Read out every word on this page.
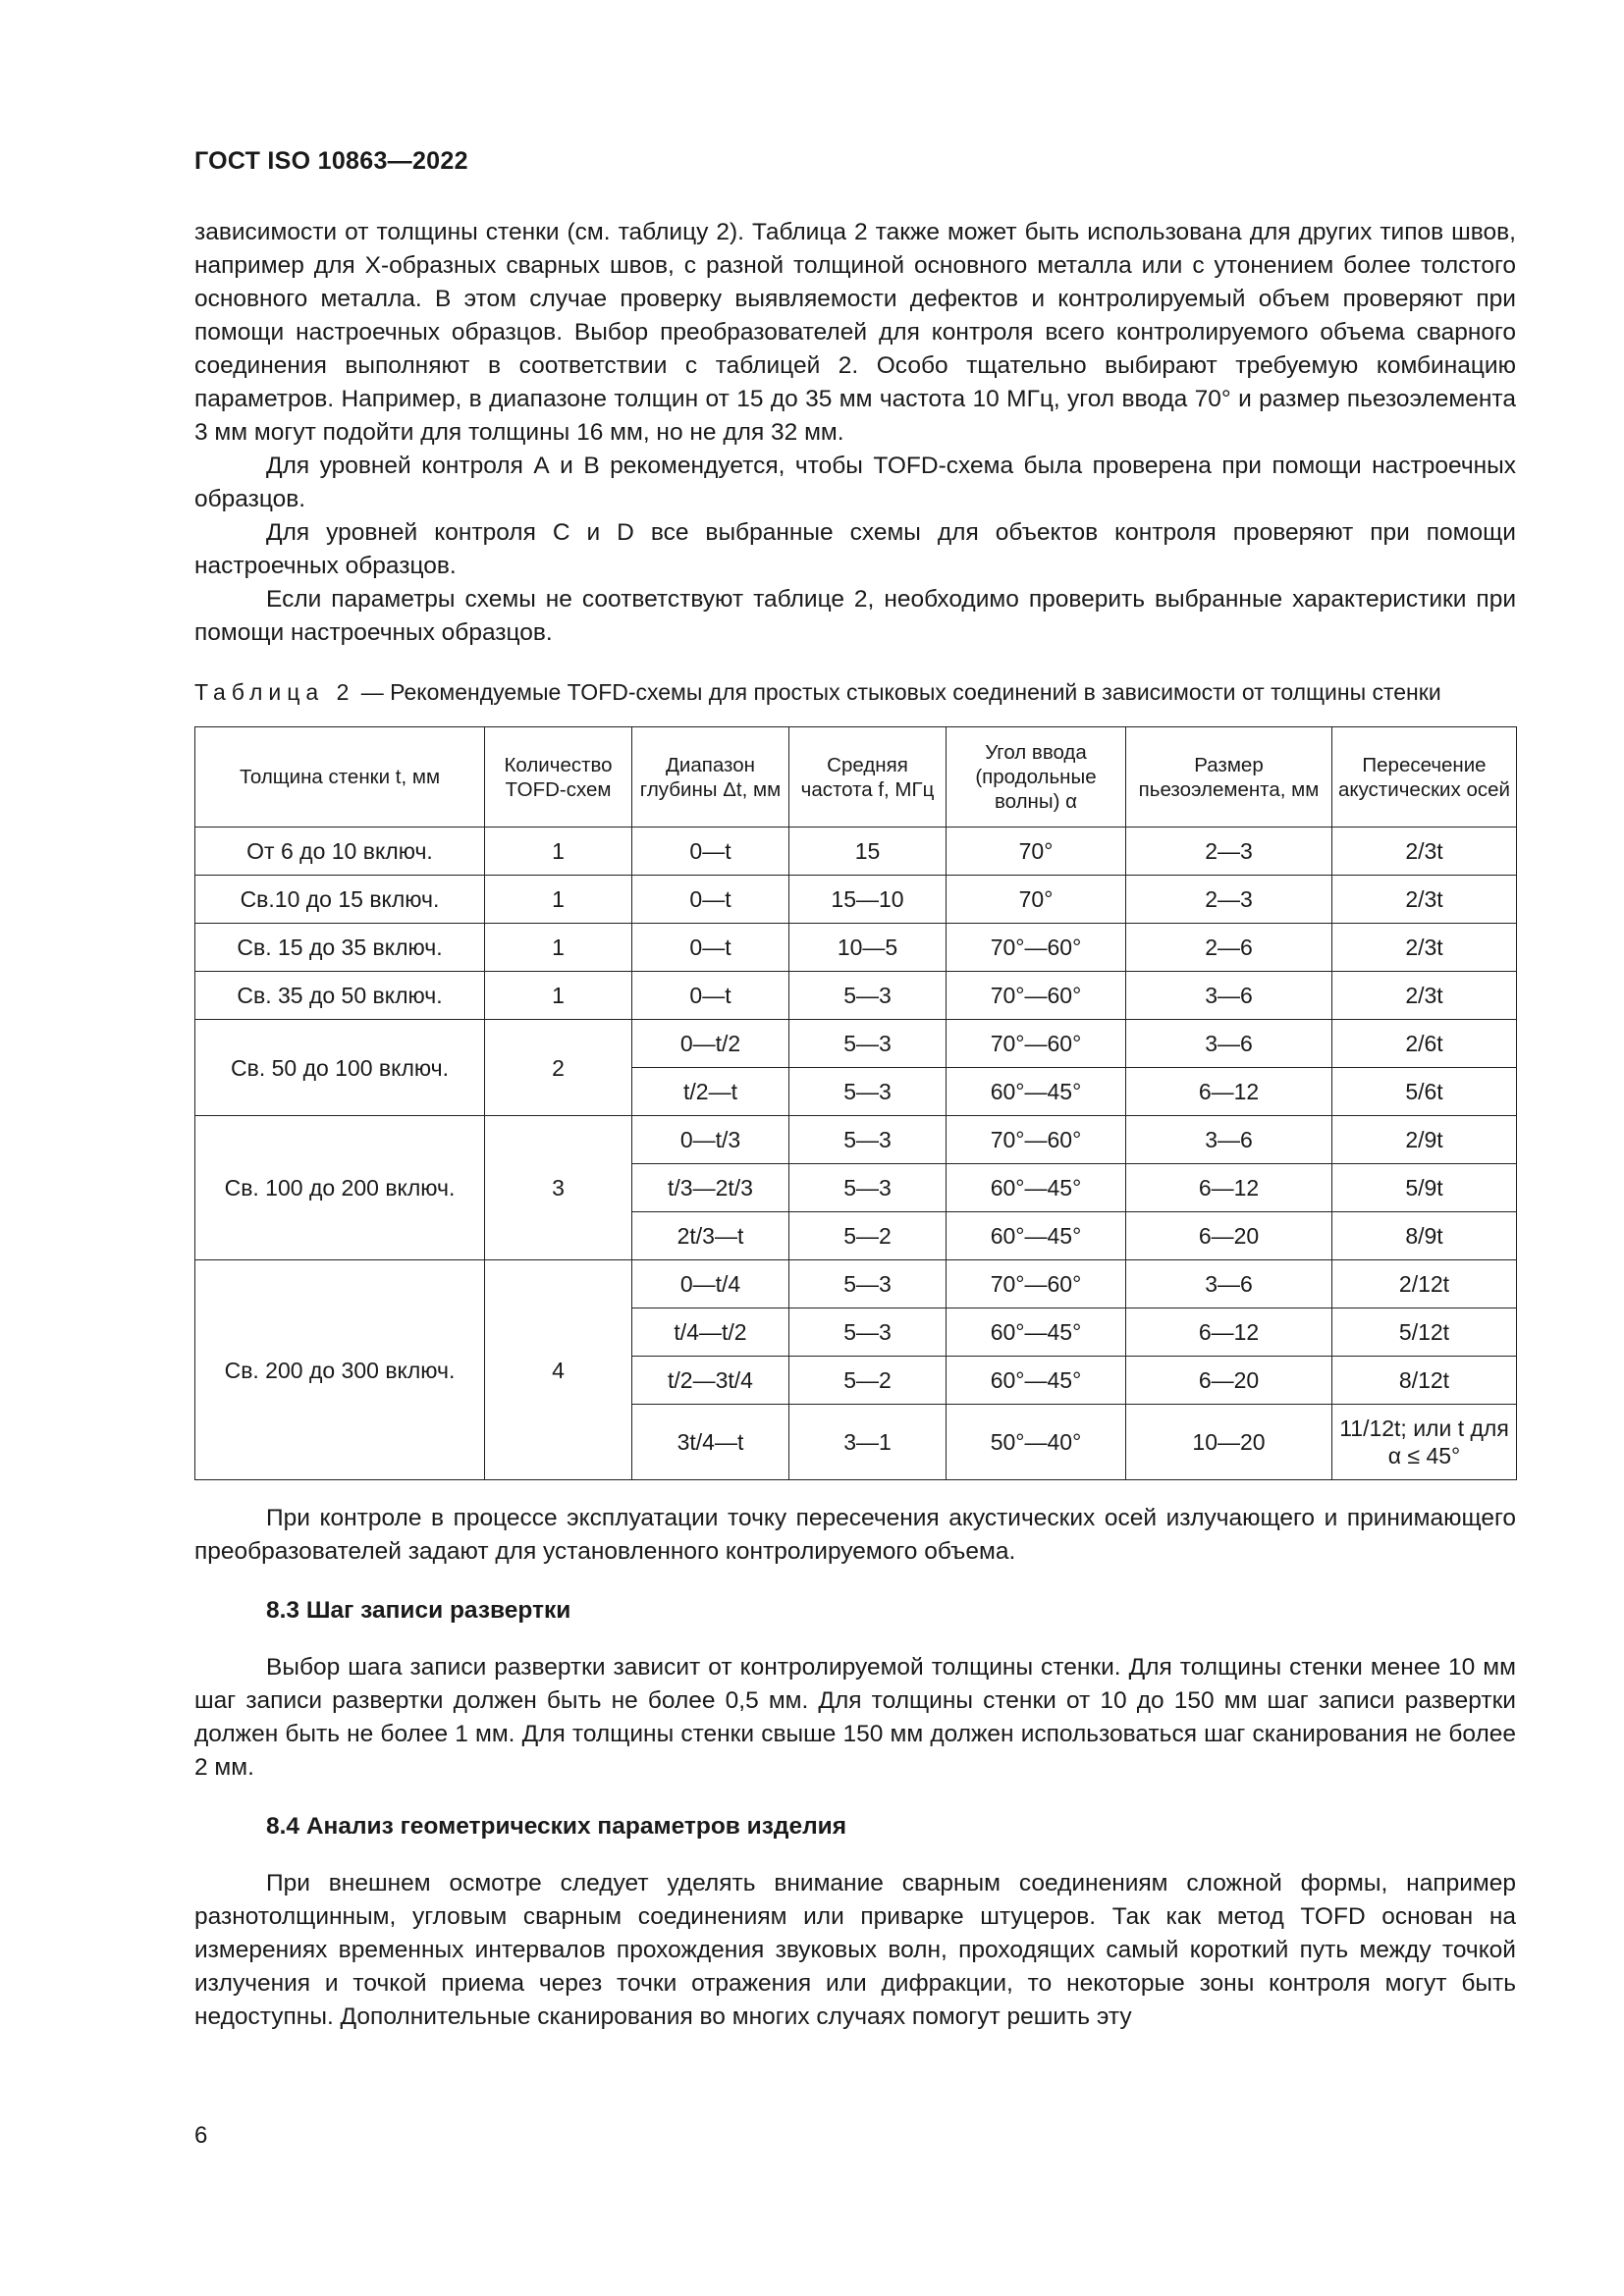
ГОСТ ISO 10863—2022

зависимости от толщины стенки (см. таблицу 2). Таблица 2 также может быть использована для других типов швов, например для Х-образных сварных швов, с разной толщиной основного металла или с утонением более толстого основного металла. В этом случае проверку выявляемости дефектов и контролируемый объем проверяют при помощи настроечных образцов. Выбор преобразователей для контроля всего контролируемого объема сварного соединения выполняют в соответствии с таблицей 2. Особо тщательно выбирают требуемую комбинацию параметров. Например, в диапазоне толщин от 15 до 35 мм частота 10 МГц, угол ввода 70° и размер пьезоэлемента 3 мм могут подойти для толщины 16 мм, но не для 32 мм.

Для уровней контроля А и В рекомендуется, чтобы TOFD-схема была проверена при помощи настроечных образцов.

Для уровней контроля С и D все выбранные схемы для объектов контроля проверяют при помощи настроечных образцов.

Если параметры схемы не соответствуют таблице 2, необходимо проверить выбранные характеристики при помощи настроечных образцов.

Таблица 2 — Рекомендуемые TOFD-схемы для простых стыковых соединений в зависимости от толщины стенки

Толщина стенки t, мм	Количество TOFD-схем	Диапазон глубины Δt, мм	Средняя частота f, МГц	Угол ввода (продольные волны) α	Размер пьезоэлемента, мм	Пересечение акустических осей
От 6 до 10 включ.	1	0—t	15	70°	2—3	2/3t
Св.10 до 15 включ.	1	0—t	15—10	70°	2—3	2/3t
Св. 15 до 35 включ.	1	0—t	10—5	70°—60°	2—6	2/3t
Св. 35 до 50 включ.	1	0—t	5—3	70°—60°	3—6	2/3t
Св. 50 до 100 включ.	2	0—t/2	5—3	70°—60°	3—6	2/6t
		t/2—t	5—3	60°—45°	6—12	5/6t
Св. 100 до 200 включ.	3	0—t/3	5—3	70°—60°	3—6	2/9t
		t/3—2t/3	5—3	60°—45°	6—12	5/9t
		2t/3—t	5—2	60°—45°	6—20	8/9t
Св. 200 до 300 включ.	4	0—t/4	5—3	70°—60°	3—6	2/12t
		t/4—t/2	5—3	60°—45°	6—12	5/12t
		t/2—3t/4	5—2	60°—45°	6—20	8/12t
		3t/4—t	3—1	50°—40°	10—20	11/12t; или t для α ≤ 45°

При контроле в процессе эксплуатации точку пересечения акустических осей излучающего и принимающего преобразователей задают для установленного контролируемого объема.

8.3 Шаг записи развертки

Выбор шага записи развертки зависит от контролируемой толщины стенки. Для толщины стенки менее 10 мм шаг записи развертки должен быть не более 0,5 мм. Для толщины стенки от 10 до 150 мм шаг записи развертки должен быть не более 1 мм. Для толщины стенки свыше 150 мм должен использоваться шаг сканирования не более 2 мм.

8.4 Анализ геометрических параметров изделия

При внешнем осмотре следует уделять внимание сварным соединениям сложной формы, например разнотолщинным, угловым сварным соединениям или приварке штуцеров. Так как метод TOFD основан на измерениях временных интервалов прохождения звуковых волн, проходящих самый короткий путь между точкой излучения и точкой приема через точки отражения или дифракции, то некоторые зоны контроля могут быть недоступны. Дополнительные сканирования во многих случаях помогут решить эту

6
